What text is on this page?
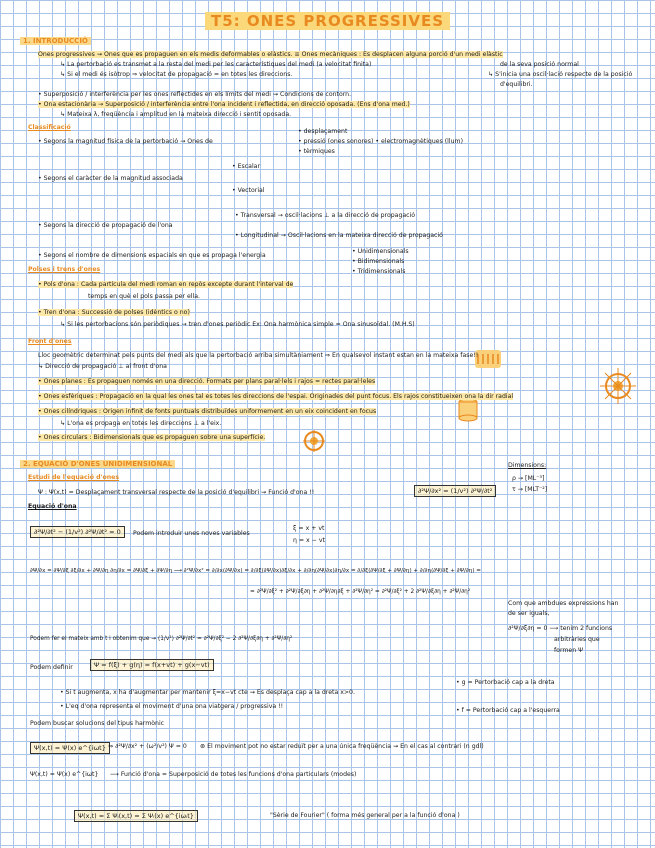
T5: ONES PROGRESSIVES
1. INTRODUCCIÓ
Ones progressives ⇝ Ones que es propaguen en els medis deformables o elàstics. ≡ Ones mecàniques : Es desplacen alguna porció d'un medi elàstic
↳ La pertorbació es transmet a la resta del medi per les característiques del medi (a velocitat finita)	de la seva posició normal
↳ Si el medi és isòtrop ⇒ velocitat de propagació = en totes les direccions.	↳ S'inicia una oscil·lació respecte de la posició
d'equilibri.
• Superposició / interferència per les ones reflectides en els límits del medi ⇝ Condicions de contorn.
• Ona estacionària → Superposició / interferència entre l'ona incident i reflectida, en direcció oposada. (Ens d'ona med.)
↳ Mateixa λ, freqüència i amplitud en la mateixa direcció i sentit oposada.
Classificació
• Segons la magnitud física de la pertorbació → Ones de
• desplaçament
• pressió (ones sonores) • electromagnètiques (llum)
• tèrmiques
• Escalar
• Segons el caràcter de la magnitud associada
• Vectorial
• Segons la direcció de propagació de l'ona
• Transversal → oscil·lacions ⊥ a la direcció de propagació
• Longitudinal → Oscil·lacions en la mateixa direcció de propagació
• Segons el nombre de dimensions espacials en que es propaga l'energia
• Unidimensionals
• Bidimensionals
• Tridimensionals
Polses i trens d'ones
• Pols d'ona : Cada partícula del medi roman en repòs excepte durant l'interval de
temps en què el pols passa per ella.
• Tren d'ona : Successió de polses (idèntics o no)
↳ Si les pertorbacions són periòdiques → tren d'ones periòdic Ex: Ona harmònica simple = Ona sinusoïdal. (M.H.S)
Front d'ones
Lloc geomètric determinat pels punts del medi als que la pertorbació arriba simultàniament ⇒ En qualsevol instant estan en la mateixa fase!!
↳ Direcció de propagació ⊥ al front d'ona
• Ones planes : Es propaguen només en una direcció. Formats per plans paral·lels i rajos = rectes paral·leles
• Ones esfèriques : Propagació en la qual les ones tal es totes les direccions de l'espai. Originades del punt focus. Els rajos constitueixen ona la dir radial
• Ones cilíndriques : Origen infinit de fonts puntuals distribuïdes uniformement en un eix coincident en focus
↳ L'ona es propaga en totes les direccions ⊥ a l'eix.
• Ones circulars : Bidimensionals que es propaguen sobre una superfície.
2. EQUACIÓ D'ONES UNIDIMENSIONAL
Estudi de l'equació d'ones
Ψ : Ψ(x,t) = Desplaçament transversal respecte de la posició d'equilibri ⇝ Funció d'ona !!
Equació d'ona
Dimensions:
ρ → [ML⁻³]
τ → [MLT⁻²]
∂²Ψ/∂x² = (1/v²) ∂²Ψ/∂t²
∂²Ψ/∂t² − (1/v²) ∂²Ψ/∂t² = 0	Podem introduir unes noves variables
ξ = x + vt
η = x − vt
∂Ψ/∂x = ∂Ψ/∂ξ ∂ξ/∂x + ∂Ψ/∂η ∂η/∂x = ∂Ψ/∂ξ + ∂Ψ/∂η ⟶ ∂²Ψ/∂x² = ∂/∂x(∂Ψ/∂x) = ∂/∂ξ(∂Ψ/∂x)∂ξ/∂x + ∂/∂η(∂Ψ/∂x)∂η/∂x = ∂/∂ξ(∂Ψ/∂ξ + ∂Ψ/∂η) + ∂/∂η(∂Ψ/∂ξ + ∂Ψ/∂η) =
= ∂²Ψ/∂ξ² + ∂²Ψ/∂ξ∂η + ∂²Ψ/∂η∂ξ + ∂²Ψ/∂η² = ∂²Ψ/∂ξ² + 2 ∂²Ψ/∂ξ∂η + ∂²Ψ/∂η²
Com que ambdues expressions han
de ser iguals,
∂²Ψ/∂ξ∂η = 0 ⟶ tenim 2 funcions
arbitràries que
formen Ψ
Podem fer el mateix amb t i obtenim que → (1/v²) ∂²Ψ/∂t² = ∂²Ψ/∂ξ² − 2 ∂²Ψ/∂ξ∂η + ∂²Ψ/∂η²
Podem definir	Ψ = f(ξ) + g(η) = f(x+vt) + g(x−vt)
• Si t augmenta, x ha d'augmentar per mantenir ξ=x−vt cte ⇝ Es desplaça cap a la dreta x>0.
• L'eq d'ona representa el moviment d'una ona viatgera / progressiva !!
• g = Pertorbació cap a la dreta
• f = Pertorbació cap a l'esquerra
Podem buscar solucions del tipus harmònic
Ψ(x,t) = Ψ(x) e^{iωt} ⇒ ∂²Ψ/∂x² + (ω²/v²) Ψ = 0 ⊛ El moviment pot no estar reduït per a una única freqüència ⇝ En el cas al contrari (n gdl)
Ψ(x,t) = Ψ(x) e^{iωt} ⟶ Funció d'ona = Superposició de totes les funcions d'ona particulars (modes)
Ψ(x,t) = Σ Ψᵢ(x,t) = Σ Ψᵢ(x) e^{iωᵢt}	"Sèrie de Fourier" ( forma més general per a la funció d'ona )
